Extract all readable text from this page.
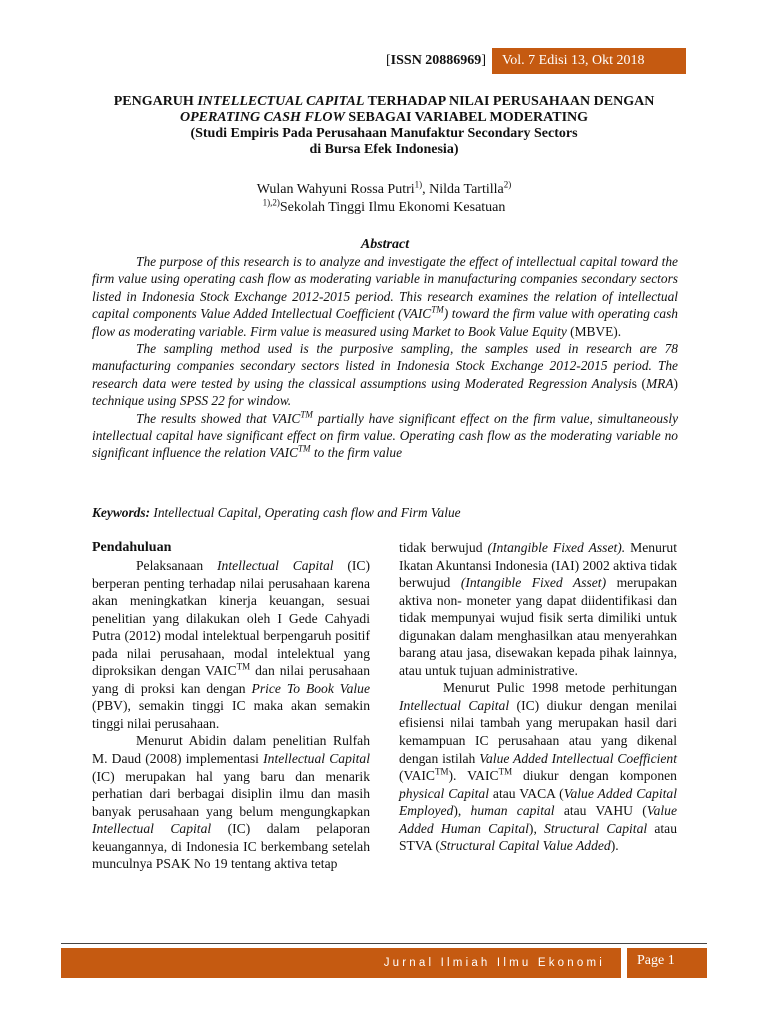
[ISSN 20886969]	Vol. 7 Edisi 13, Okt 2018
PENGARUH INTELLECTUAL CAPITAL TERHADAP NILAI PERUSAHAAN DENGAN
OPERATING CASH FLOW SEBAGAI VARIABEL MODERATING
(Studi Empiris Pada Perusahaan Manufaktur Secondary Sectors
di Bursa Efek Indonesia)
Wulan Wahyuni Rossa Putri$^{1)}$, Nilda Tartilla$^{2)}$
$^{1),2)}$Sekolah Tinggi Ilmu Ekonomi Kesatuan
Abstract

The purpose of this research is to analyze and investigate the effect of intellectual capital toward the firm value using operating cash flow as moderating variable in manufacturing companies secondary sectors listed in Indonesia Stock Exchange 2012-2015 period. This research examines the relation of intellectual capital components Value Added Intellectual Coefficient (VAIC™) toward the firm value with operating cash flow as moderating variable. Firm value is measured using Market to Book Value Equity (MBVE).

The sampling method used is the purposive sampling, the samples used in research are 78 manufacturing companies secondary sectors listed in Indonesia Stock Exchange 2012-2015 period. The research data were tested by using the classical assumptions using Moderated Regression Analysis (MRA) technique using SPSS 22 for window.

The results showed that VAIC™ partially have significant effect on the firm value, simultaneously intellectual capital have significant effect on firm value. Operating cash flow as the moderating variable no significant influence the relation VAIC™ to the firm value

Keywords: Intellectual Capital, Operating cash flow and Firm Value
Pendahuluan

Pelaksanaan Intellectual Capital (IC) berperan penting terhadap nilai perusahaan karena akan meningkatkan kinerja keuangan, sesuai penelitian yang dilakukan oleh I Gede Cahyadi Putra (2012) modal intelektual berpengaruh positif pada nilai perusahaan, modal intelektual yang diproksikan dengan VAIC™ dan nilai perusahaan yang di proksi kan dengan Price To Book Value (PBV), semakin tinggi IC maka akan semakin tinggi nilai perusahaan.

Menurut Abidin dalam penelitian Rulfah M. Daud (2008) implementasi Intellectual Capital (IC) merupakan hal yang baru dan menarik perhatian dari berbagai disiplin ilmu dan masih banyak perusahaan yang belum mengungkapkan Intellectual Capital (IC) dalam pelaporan keuangannya, di Indonesia IC berkembang setelah munculnya PSAK No 19 tentang aktiva tetap

tidak berwujud (Intangible Fixed Asset). Menurut Ikatan Akuntansi Indonesia (IAI) 2002 aktiva tidak berwujud (Intangible Fixed Asset) merupakan aktiva non- moneter yang dapat diidentifikasi dan tidak mempunyai wujud fisik serta dimiliki untuk digunakan dalam menghasilkan atau menyerahkan barang atau jasa, disewakan kepada pihak lainnya, atau untuk tujuan administrative.

Menurut Pulic 1998 metode perhitungan Intellectual Capital (IC) diukur dengan menilai efisiensi nilai tambah yang merupakan hasil dari kemampuan IC perusahaan atau yang dikenal dengan istilah Value Added Intellectual Coefficient (VAIC™). VAIC™ diukur dengan komponen physical Capital atau VACA (Value Added Capital Employed), human capital atau VAHU (Value Added Human Capital), Structural Capital atau STVA (Structural Capital Value Added).

Jurnal Ilmiah Ilmu Ekonomi	Page 1
